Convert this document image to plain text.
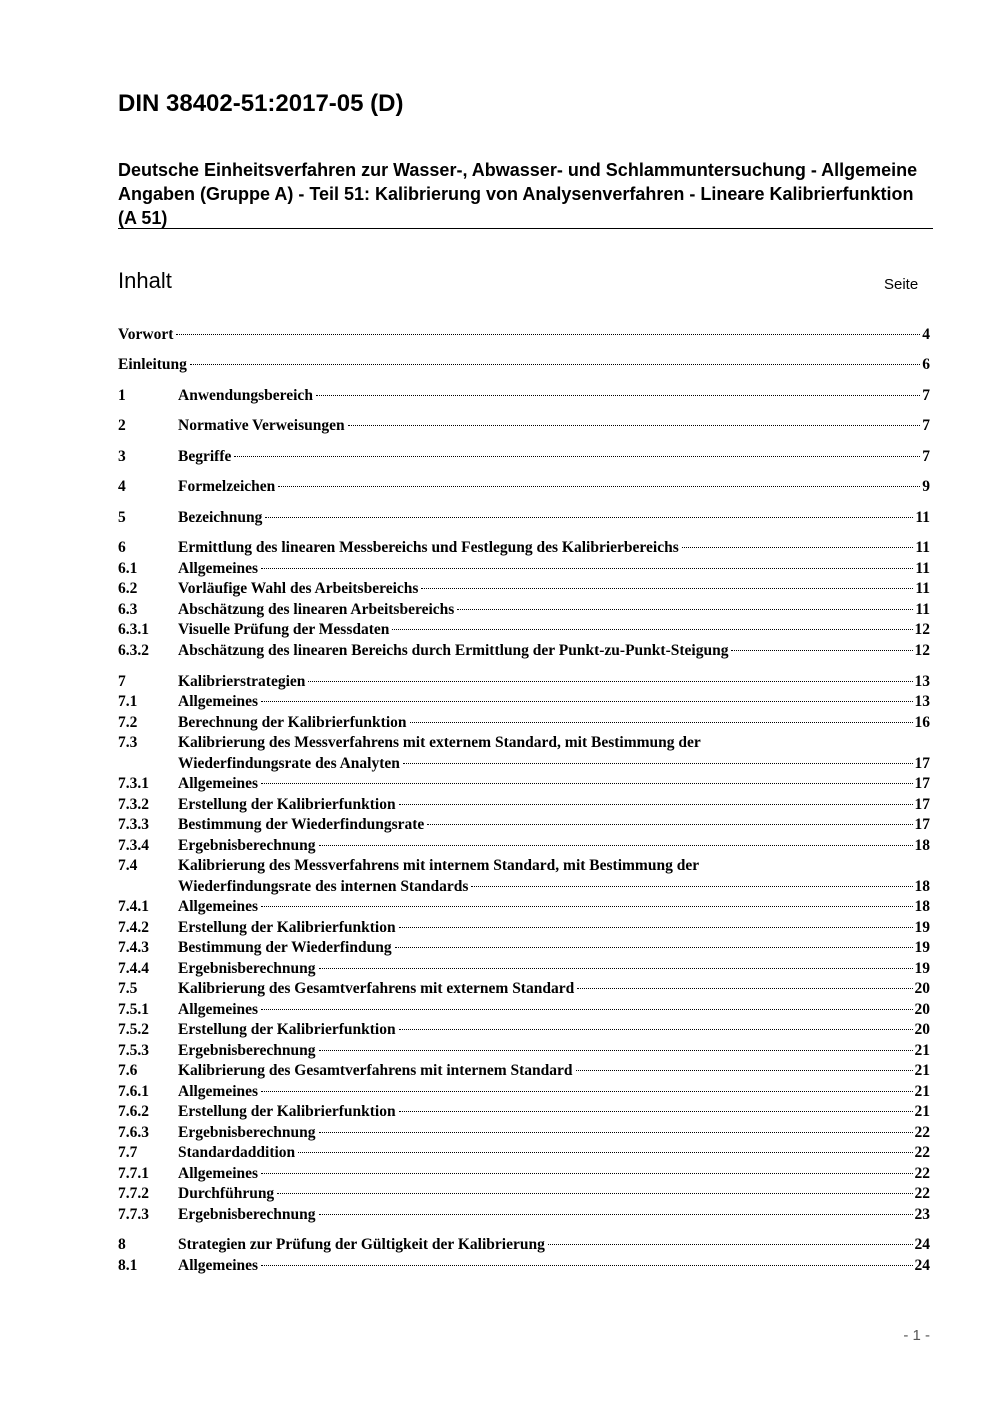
DIN 38402-51:2017-05 (D)
Deutsche Einheitsverfahren zur Wasser-, Abwasser- und Schlammuntersuchung - Allgemeine Angaben (Gruppe A) - Teil 51: Kalibrierung von Analysenverfahren - Lineare Kalibrierfunktion (A 51)
Inhalt	Seite
Vorwort	4
Einleitung	6
1	Anwendungsbereich	7
2	Normative Verweisungen	7
3	Begriffe	7
4	Formelzeichen	9
5	Bezeichnung	11
6	Ermittlung des linearen Messbereichs und Festlegung des Kalibrierbereichs	11
6.1	Allgemeines	11
6.2	Vorläufige Wahl des Arbeitsbereichs	11
6.3	Abschätzung des linearen Arbeitsbereichs	11
6.3.1 Visuelle Prüfung der Messdaten	12
6.3.2 Abschätzung des linearen Bereichs durch Ermittlung der Punkt-zu-Punkt-Steigung	12
7	Kalibrierstrategien	13
7.1	Allgemeines	13
7.2	Berechnung der Kalibrierfunktion	16
7.3	Kalibrierung des Messverfahrens mit externem Standard, mit Bestimmung der
Wiederfindungsrate des Analyten	17
7.3.1 Allgemeines	17
7.3.2 Erstellung der Kalibrierfunktion	17
7.3.3 Bestimmung der Wiederfindungsrate	17
7.3.4 Ergebnisberechnung	18
7.4	Kalibrierung des Messverfahrens mit internem Standard, mit Bestimmung der
Wiederfindungsrate des internen Standards	18
7.4.1 Allgemeines	18
7.4.2 Erstellung der Kalibrierfunktion	19
7.4.3 Bestimmung der Wiederfindung	19
7.4.4 Ergebnisberechnung	19
7.5	Kalibrierung des Gesamtverfahrens mit externem Standard	20
7.5.1 Allgemeines	20
7.5.2 Erstellung der Kalibrierfunktion	20
7.5.3 Ergebnisberechnung	21
7.6	Kalibrierung des Gesamtverfahrens mit internem Standard	21
7.6.1 Allgemeines	21
7.6.2 Erstellung der Kalibrierfunktion	21
7.6.3 Ergebnisberechnung	22
7.7	Standardaddition	22
7.7.1 Allgemeines	22
7.7.2 Durchführung	22
7.7.3 Ergebnisberechnung	23
8	Strategien zur Prüfung der Gültigkeit der Kalibrierung	24
8.1	Allgemeines	24
- 1 -
